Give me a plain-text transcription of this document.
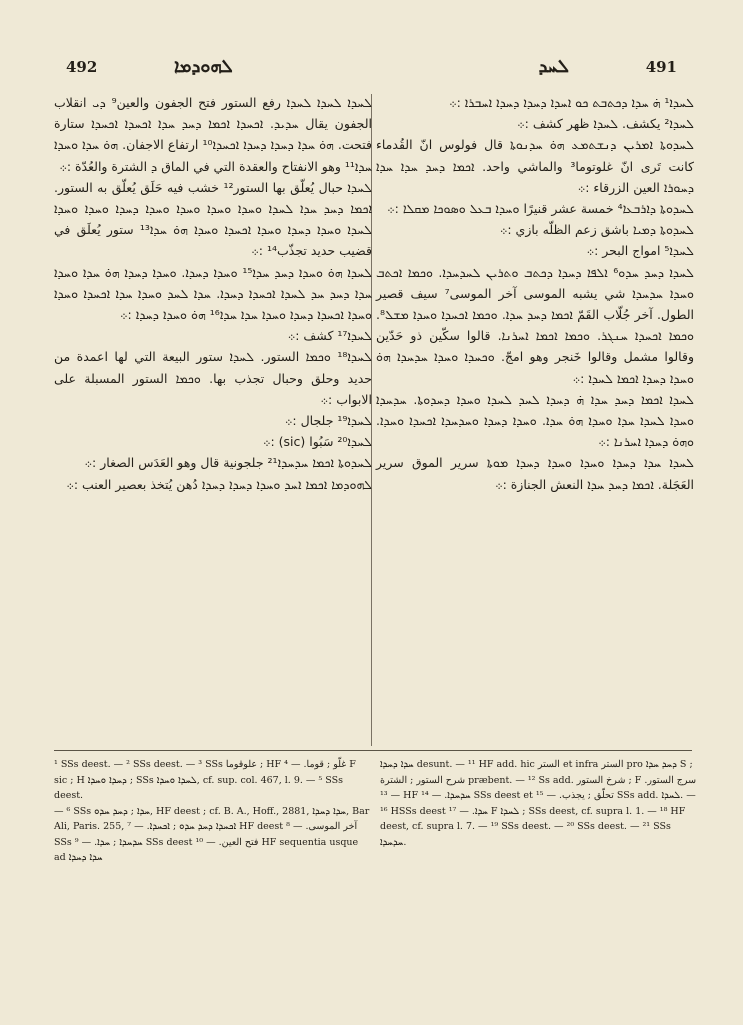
492	ܠܗܘܕܡܐ	ܠܚܕ	491

ܠܚܕܐ¹ ܗ̇ ܚܕܐ ܕܟܬܒܬ ܟܘ ܐܚܕܐ ܕܚܕܐ ܕܚܕܐ ܐܚܒܪܐ :܀

ܠܚܕܐ² يكشف. ܠܚܕܐ ظهر كشف :܀

ܠܚܕܘܬܐ ܐܡܪܝܢ ܕܢܫܬܡܥ ܗܘ̇ ܚܕܢܘܬܐ قال فولوس انّ القُدماء كانت تَرى انّ غلوتوما³ والماشي واحد. ܐܟܡܐ ܕܚܕ ܚܕܐ ܚܕܐ ܕܚܘܪܐ العين الزرقاء :܀

ܠܚܕܘܬܐ ܕܐܪܒܥܐ⁴ خمسة عشر قنيرًا ܘܚܕܐ ܒܥܠ ܘܣܘܟܐ ܡܩܠܐ :܀

ܠܚܕܘܬܐ ܕܡܝܐ باشق زعم الظلّه بازي :܀

ܠܚܕܐ⁵ امواج البحر :܀

ܠܚܕܐ ܕܚܕ ܚܕܘ⁶ ܐܠܦܐ ܕܚܕܐ ܕܟܬܒ ܘܬܪܝܢ ܠܚܕܚܕܐ. ܘܟܡܐ ܐܟܬܒ ܘܚܕܐ ܚܕܚܕܐ شي يشبه الموسى آخر الموسى⁷ سيف قصير الطول. آخر جُلّاب القَمّ ܐܟܡܐ ܕܚܕ ܚܕܐ. ܘܟܡܐ ܐܟܚܕܐ ܘܚܕܐ ܡܫܠ⁸. ܘܟܡܐ ܐܟܚܕܐ ܚܢܓܪ. ܘܟܡܐ ܐܟܡܐ ܐܚܪܢܐ. قالوا سكّين ذو حَدّين وقالوا مشمل وقالوا خَنجر وهو امجّ. ܘܟܚܕܐ ܘܚܕܐ ܚܕܚܕܐ ܗܘ̇ ܘܚܕܐ ܕܚܕܐ ܐܟܡܐ ܠܚܕܐ :܀

ܠܚܕܐ ܐܟܡܐ ܕܚܕ ܚܕܐ ܗ̇ ܕܚܕܐ ܠܚܕ ܠܚܕܐ ܘܚܕܐ ܕܚܕܘܬܐ. ܚܕܚܕܐ ܘܚܕܐ ܠܚܕܐ ܚܕܐ ܘܚܕܐ ܗܘ̇ ܚܕܐ. ܘܚܕܐ ܕܚܕܐ ܘܚܕܚܕܐ ܐܟܚܕܐ ܘܚܕܐ. ܘܗܘ̇ ܕܚܕܐ ܐܚܪܢܐ :܀

ܠܚܕܐ ܚܕܐ ܕܚܕܐ ܘܚܕܐ ܘܚܕܐ ܕܚܕܐ ܡܘܬܐ سرير الموق سرير العَجَلة. ܐܟܡܐ ܕܚܕ ܚܕܐ النعش الجنازة :܀

ܠܚܕܐ ܠܚܕܐ ܠܚܕܐ رفع الستور فتح الجفون والعين⁹ ܕܝ انقلاب الجفون يقال ܚܕܝܕ. ܐܟܚܕܐ ܐܟܡܐ ܕܚܕ ܚܕܐ ܐܟܚܕܐ ܐܟܚܕܐ ستارة فتحت. ܗܘ̇ ܚܕܐ ܕܚܕܐ ܕܚܕܐ ܐܟܚܕܐ¹⁰ ارتفاع الاجفان. ܗܘ̇ ܚܕܐ ܘܚܕܐ ܚܕܐ¹¹ وهو الانفتاح والعقدة التي في الماق ܕ الشترة والعُدّة :܀

ܠܚܕܐ حبال يُعلّق بها الستور¹² خشب فيه حَلَق يُعلّق به الستور. ܐܟܡܐ ܕܚܕ ܚܕܐ ܠܚܕܐ ܘܚܕܐ ܘܚܕܐ ܘܚܕܐ ܘܚܕܐ ܕܚܕܐ ܘܚܕܐ ܘܚܕܐ ܠܚܕܐ ܘܚܕܐ ܕܚܕܐ ܘܚܕܐ ܐܟܚܕܐ ܘܚܕܐ ܗܘ̇ ܚܕܐ¹³ ستور يُعلَق في قضيب حديد تجذّب¹⁴ :܀

ܠܚܕܐ ܗܘ̇ ܘܚܕܐ ܕܚܕ ܚܕܐ¹⁵ ܘܚܕܐ ܕܚܕܐ. ܘܚܕܐ ܕܚܕܐ ܗܘ̇ ܚܕܐ ܘܚܕܐ ܚܕܐ ܕܚܕ ܚܕ ܠܚܕܐ ܐܟܚܕܐ ܕܚܕܐ. ܚܕܐ ܠܚܕ ܘܚܕܐ ܚܕܐ ܐܟܚܕܐ ܘܚܕܐ ܘܚܕܐ ܐܟܚܕܐ ܕܚܕܐ ܘܚܕܐ ܚܕܐ ܚܕܐ¹⁶ ܗܘ̇ ܘܚܕܐ ܕܚܕܐ :܀

ܠܚܕܐ¹⁷ كشف :܀

ܠܚܕܐ¹⁸ ܘܟܡܐ الستور. ܠܚܕܐ ستور البيعة التي لها اعمدة من حديد وحلق وحبال تجذب بها. ܘܟܡܐ الستور المسبلة على الابواب :܀

ܠܚܕܐ¹⁹ جلجال :܀

ܠܚܕܐ²⁰ سَبُوا (sic) :܀

ܠܚܕܘܬܐ ܐܟܡܐ ܚܕܚܕܐ²¹ جلجونية قال وهو العَدَس الصغار :܀

ܠܗܘܕܡܐ ܐܟܡܐ ܐܚܕ ܘܚܕܐ ܕܚܕܐ ܕܚܕܐ دُهن يُتخذ بعصير العنب :܀

¹ SSs deest. — ² SSs deest. — ³ SSs علوقوما ; HF غلّو ; قوما. — ⁴ F sic ; H ܕܚܕܐ ܘܚܕܐ ; SSs ܠܚܕܐ ܘܚܕܐ, cf. sup. col. 467, l. 9. — ⁵ SSs deest.

— ⁶ SSs ܚܕܐ ; ܕܚܕ ܚܕܘ, HF deest ; cf. B. A., Hoff., 2881, ܚܕܐ ܕܚܕܐ, Bar Ali, Paris. 255, ܐܟܚܕܐ ܕܚܕ ܚܕܘ ; ܐܟܚܕܐ. — ⁷ HF deest آخر الموسى. — ⁸ SSs ܚܕܚܕܐ ; ܚܕܐ. — ⁹ SSs deest فتح العين. — ¹⁰ HF sequentia usque ad ܚܕܐ ܕܚܕܐ

ܚܕܐ ܕܚܕܐ desunt. — ¹¹ HF add. hic الستر et infra الستر pro ܕܚܕ ܚܕܐ S ; شرح الستور ; الشترة præbent. — ¹² Ss add. شرخ الستور ; F سرج الستور. — ¹³ HF ܚܕܚܕܐ. — ¹⁴ SSs deest et تحلّق ; يجذب. — ¹⁵ SSs add. ܠܚܕܐ. —

¹⁶ HSSs deest ܚܕܐ. — ¹⁷ F ܠܚܕܐ ; SSs deest, cf. supra l. 1. — ¹⁸ HF deest, cf. supra l. 7. — ¹⁹ SSs deest. — ²⁰ SSs deest. — ²¹ SSs ܚܕܚܕܐ.
